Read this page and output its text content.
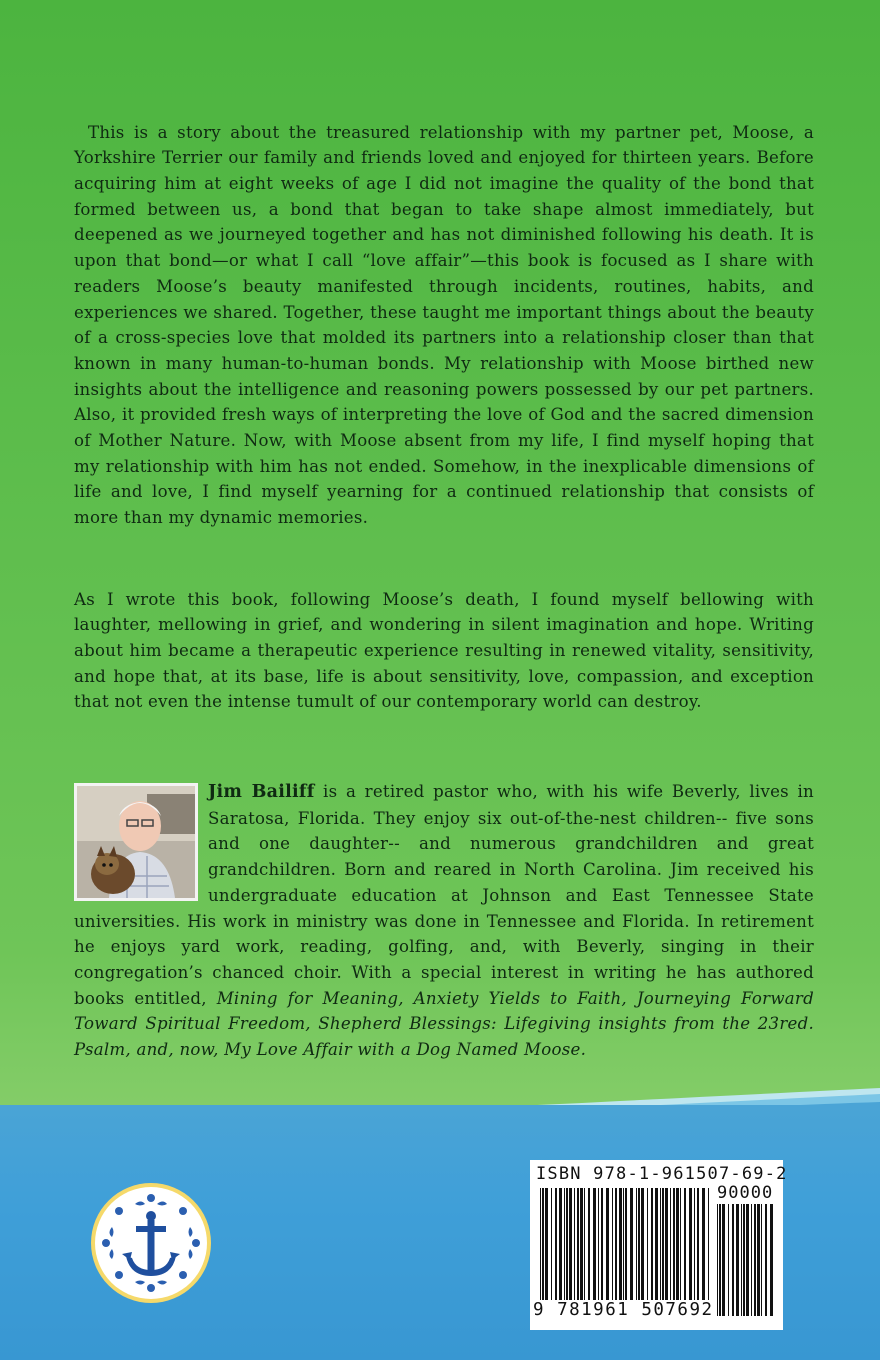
This is a story about the treasured relationship with my partner pet, Moose, a Yorkshire Terrier our family and friends loved and enjoyed for thirteen years. Before acquiring him at eight weeks of age I did not imagine the quality of the bond that formed between us, a bond that began to take shape almost immediately, but deepened as we journeyed together and has not diminished following his death. It is upon that bond—or what I call “love affair”—this book is focused as I share with readers Moose’s beauty manifested through incidents, routines, habits, and experiences we shared. Together, these taught me important things about the beauty of a cross-species love that molded its partners into a relationship closer than that known in many human-to-human bonds. My relationship with Moose birthed new insights about the intelligence and reasoning powers possessed by our pet partners. Also, it provided fresh ways of interpreting the love of God and the sacred dimension of Mother Nature. Now, with Moose absent from my life, I find myself hoping that my relationship with him has not ended. Somehow, in the inexplicable dimensions of life and love, I find myself yearning for a continued relationship that consists of more than my dynamic memories.

As I wrote this book, following Moose’s death, I found myself bellowing with laughter, mellowing in grief, and wondering in silent imagination and hope. Writing about him became a therapeutic experience resulting in renewed vitality, sensitivity, and hope that, at its base, life is about sensitivity, love, compassion, and exception that not even the intense tumult of our contemporary world can destroy.

Jim Bailiff is a retired pastor who, with his wife Beverly, lives in Saratosa, Florida. They enjoy six out-of-the-nest children-- five sons and one daughter-- and numerous grandchildren and great grandchildren. Born and reared in North Carolina. Jim received his undergraduate education at Johnson and East Tennessee State universities. His work in ministry was done in Tennessee and Florida. In retirement he enjoys yard work, reading, golfing, and, with Beverly, singing in their congregation’s chanced choir. With a special interest in writing he has authored books entitled, Mining for Meaning, Anxiety Yields to Faith, Journeying Forward Toward Spiritual Freedom, Shepherd Blessings: Lifegiving insights from the 23red. Psalm, and, now, My Love Affair with a Dog Named Moose.
ISBN 978-1-961507-69-2
90000
9 781961 507692
